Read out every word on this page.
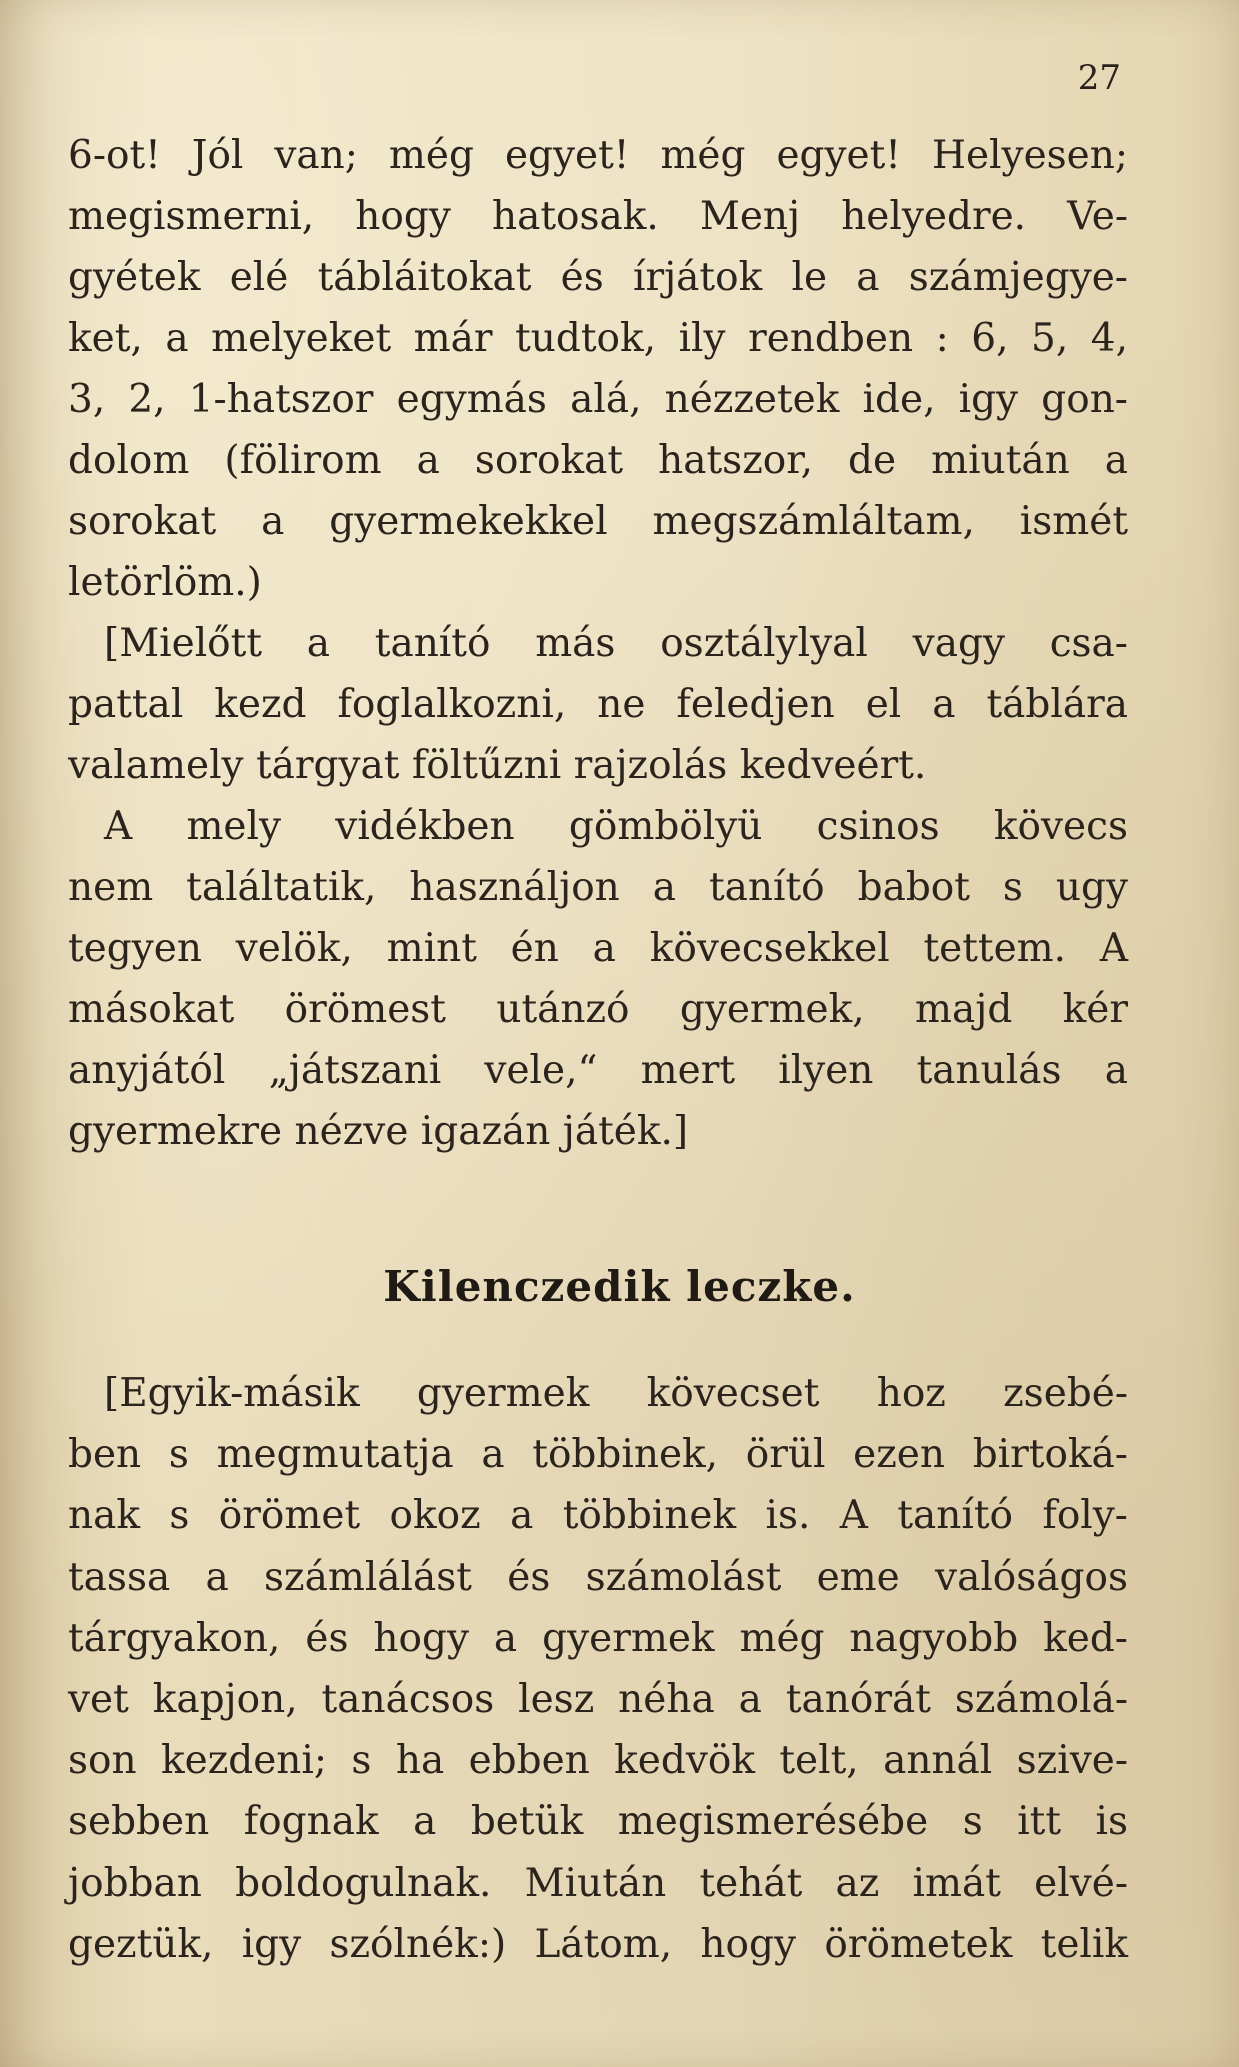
27
6-ot! Jól van; még egyet! még egyet! Helyesen;
megismerni, hogy hatosak. Menj helyedre. Ve-
gyétek elé tábláitokat és írjátok le a számjegye-
ket, a melyeket már tudtok, ily rendben : 6, 5, 4,
3, 2, 1-hatszor egymás alá, nézzetek ide, igy gon-
dolom (fölirom a sorokat hatszor, de miután a
sorokat a gyermekekkel megszámláltam, ismét
letörlöm.)
[Mielőtt a tanító más osztálylyal vagy csa-
pattal kezd foglalkozni, ne feledjen el a táblára
valamely tárgyat föltűzni rajzolás kedveért.
A mely vidékben gömbölyü csinos kövecs
nem találtatik, használjon a tanító babot s ugy
tegyen velök, mint én a kövecsekkel tettem. A
másokat örömest utánzó gyermek, majd kér
anyjától „játszani vele,“ mert ilyen tanulás a
gyermekre nézve igazán játék.]
Kilenczedik leczke.
[Egyik-másik gyermek kövecset hoz zsebé-
ben s megmutatja a többinek, örül ezen birtoká-
nak s örömet okoz a többinek is. A tanító foly-
tassa a számlálást és számolást eme valóságos
tárgyakon, és hogy a gyermek még nagyobb ked-
vet kapjon, tanácsos lesz néha a tanórát számolá-
son kezdeni; s ha ebben kedvök telt, annál szive-
sebben fognak a betük megismerésébe s itt is
jobban boldogulnak. Miután tehát az imát elvé-
geztük, igy szólnék:) Látom, hogy örömetek telik
